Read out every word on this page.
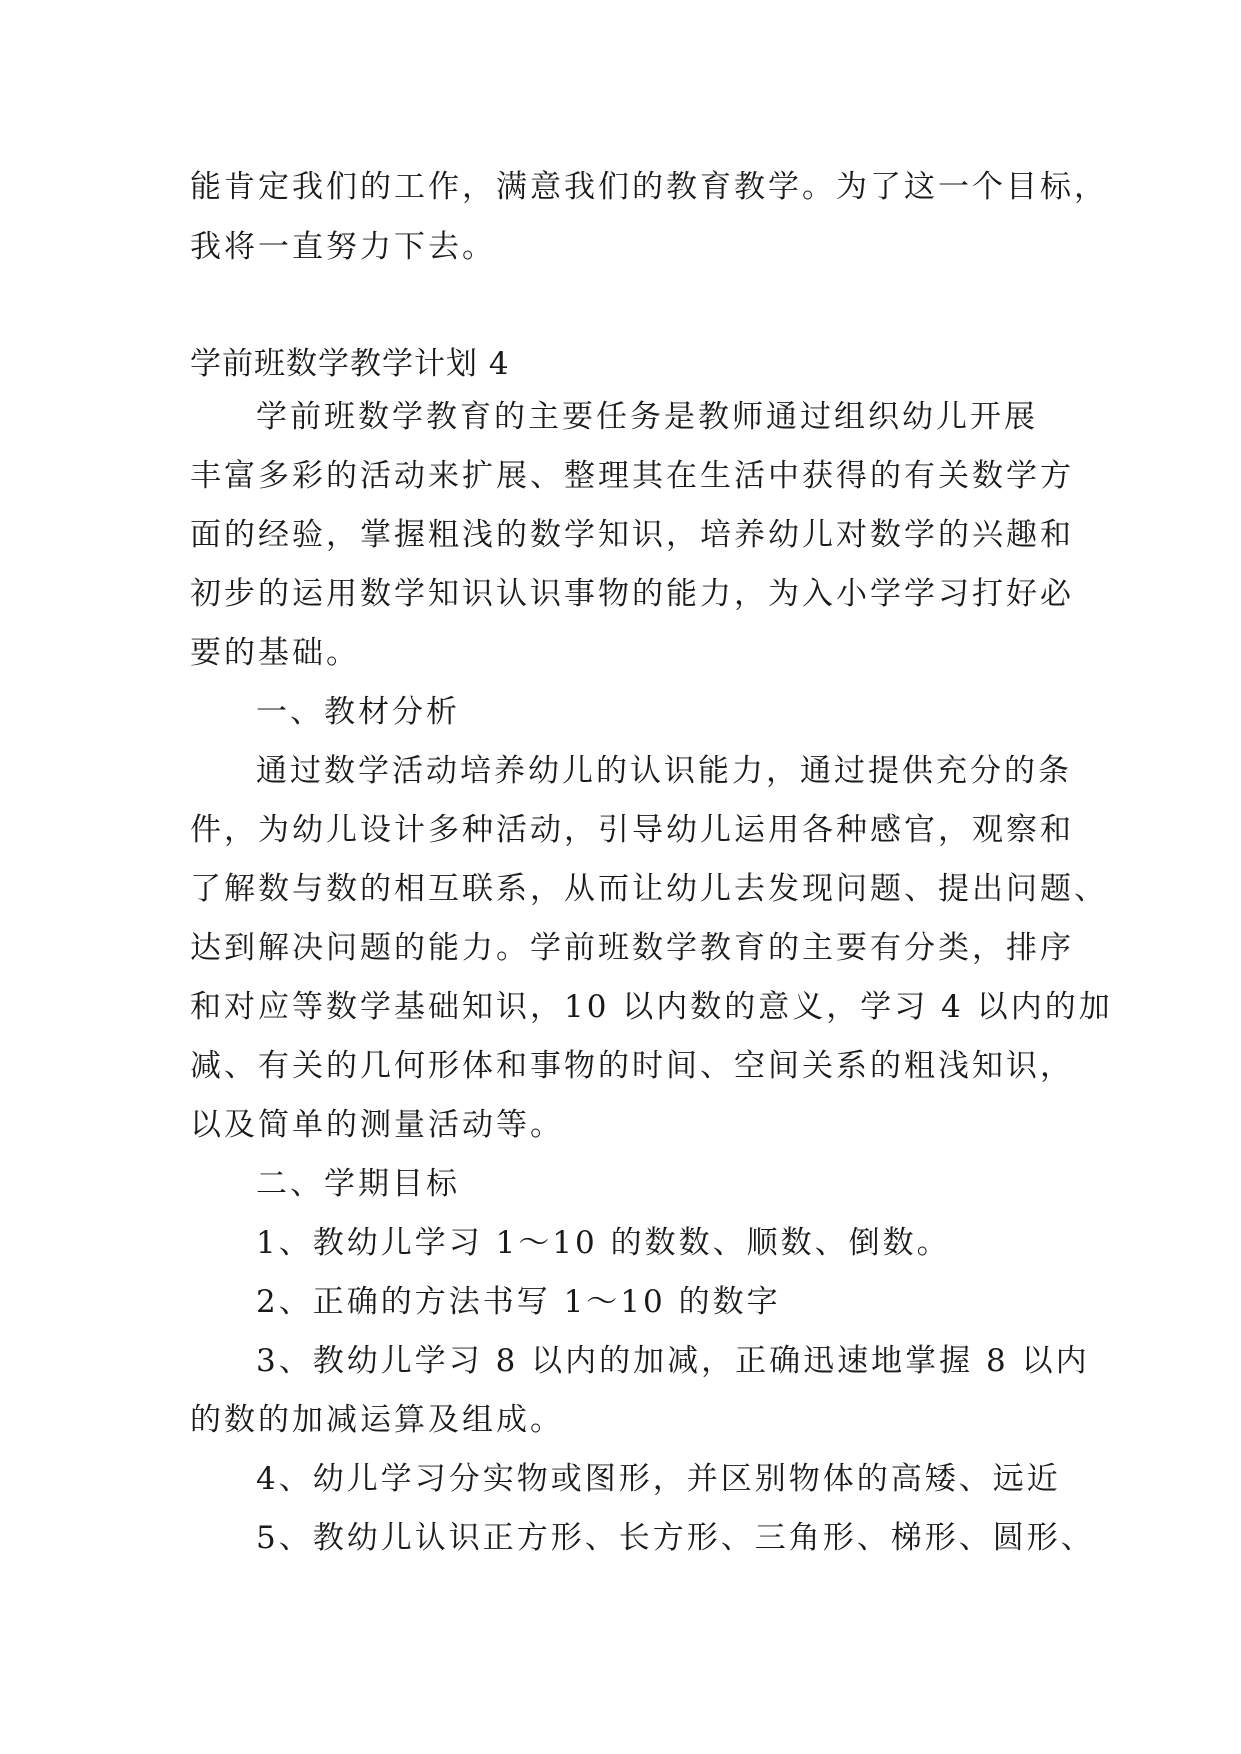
能肯定我们的工作，满意我们的教育教学。为了这一个目标，
我将一直努力下去。
学前班数学教学计划 4
学前班数学教育的主要任务是教师通过组织幼儿开展
丰富多彩的活动来扩展、整理其在生活中获得的有关数学方
面的经验，掌握粗浅的数学知识，培养幼儿对数学的兴趣和
初步的运用数学知识认识事物的能力，为入小学学习打好必
要的基础。
一、教材分析
通过数学活动培养幼儿的认识能力，通过提供充分的条
件，为幼儿设计多种活动，引导幼儿运用各种感官，观察和
了解数与数的相互联系，从而让幼儿去发现问题、提出问题、
达到解决问题的能力。学前班数学教育的主要有分类，排序
和对应等数学基础知识，10 以内数的意义，学习 4 以内的加
减、有关的几何形体和事物的时间、空间关系的粗浅知识，
以及简单的测量活动等。
二、学期目标
1、教幼儿学习 1～10 的数数、顺数、倒数。
2、正确的方法书写 1～10 的数字
3、教幼儿学习 8 以内的加减，正确迅速地掌握 8 以内
的数的加减运算及组成。
4、幼儿学习分实物或图形，并区别物体的高矮、远近
5、教幼儿认识正方形、长方形、三角形、梯形、圆形、
